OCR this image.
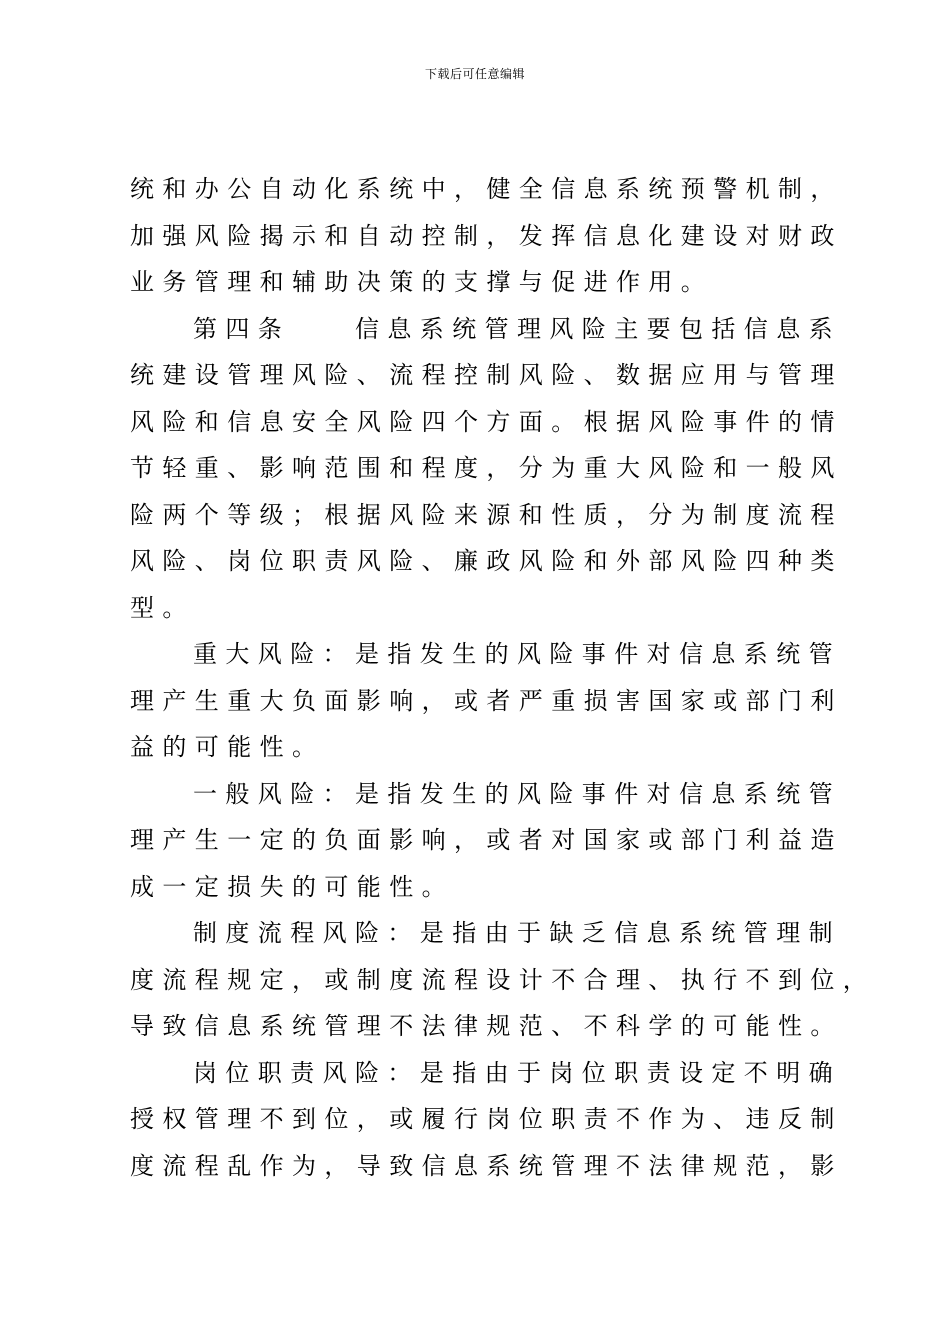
下载后可任意编辑
统和办公自动化系统中，健全信息系统预警机制，
加强风险揭示和自动控制，发挥信息化建设对财政
业务管理和辅助决策的支撑与促进作用。
第四条　　信息系统管理风险主要包括信息系
统建设管理风险、流程控制风险、数据应用与管理
风险和信息安全风险四个方面。根据风险事件的情
节轻重、影响范围和程度，分为重大风险和一般风
险两个等级；根据风险来源和性质，分为制度流程
风险、岗位职责风险、廉政风险和外部风险四种类
型。
重大风险：是指发生的风险事件对信息系统管
理产生重大负面影响，或者严重损害国家或部门利
益的可能性。
一般风险：是指发生的风险事件对信息系统管
理产生一定的负面影响，或者对国家或部门利益造
成一定损失的可能性。
制度流程风险：是指由于缺乏信息系统管理制
度流程规定，或制度流程设计不合理、执行不到位，
导致信息系统管理不法律规范、不科学的可能性。
岗位职责风险：是指由于岗位职责设定不明确
授权管理不到位，或履行岗位职责不作为、违反制
度流程乱作为，导致信息系统管理不法律规范，影
